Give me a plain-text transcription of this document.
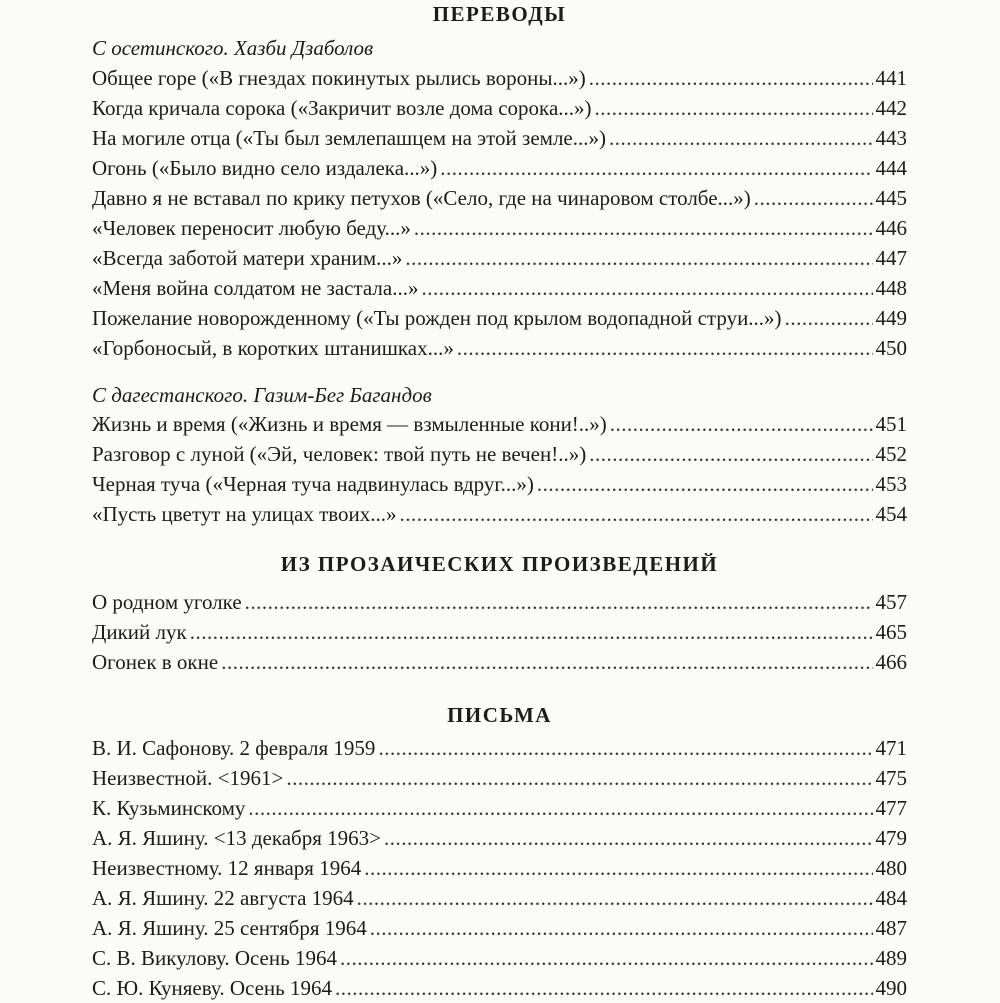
ПЕРЕВОДЫ
С осетинского. Хазби Дзаболов
Общее горе («В гнездах покинутых рылись вороны...») .....	441
Когда кричала сорока («Закричит возле дома сорока...») .....	442
На могиле отца («Ты был землепашцем на этой земле...») .....	443
Огонь («Было видно село издалека...») .....	444
Давно я не вставал по крику петухов («Село, где на чинаровом столбе...») .....	445
«Человек переносит любую беду...» .....	446
«Всегда заботой матери храним...» .....	447
«Меня война солдатом не застала...» .....	448
Пожелание новорожденному («Ты рожден под крылом водопадной струи...») .....	449
«Горбоносый, в коротких штанишках...» .....	450
С дагестанского. Газим-Бег Багандов
Жизнь и время («Жизнь и время — взмыленные кони!..») .....	451
Разговор с луной («Эй, человек: твой путь не вечен!..») .....	452
Черная туча («Черная туча надвинулась вдруг...») .....	453
«Пусть цветут на улицах твоих...» .....	454
ИЗ ПРОЗАИЧЕСКИХ ПРОИЗВЕДЕНИЙ
О родном уголке .....	457
Дикий лук .....	465
Огонек в окне .....	466
ПИСЬМА
В. И. Сафонову. 2 февраля 1959 .....	471
Неизвестной. <1961> .....	475
К. Кузьминскому .....	477
А. Я. Яшину. <13 декабря 1963> .....	479
Неизвестному. 12 января 1964 .....	480
А. Я. Яшину. 22 августа 1964 .....	484
А. Я. Яшину. 25 сентября 1964 .....	487
С. В. Викулову. Осень 1964 .....	489
С. Ю. Куняеву. Осень 1964 .....	490
